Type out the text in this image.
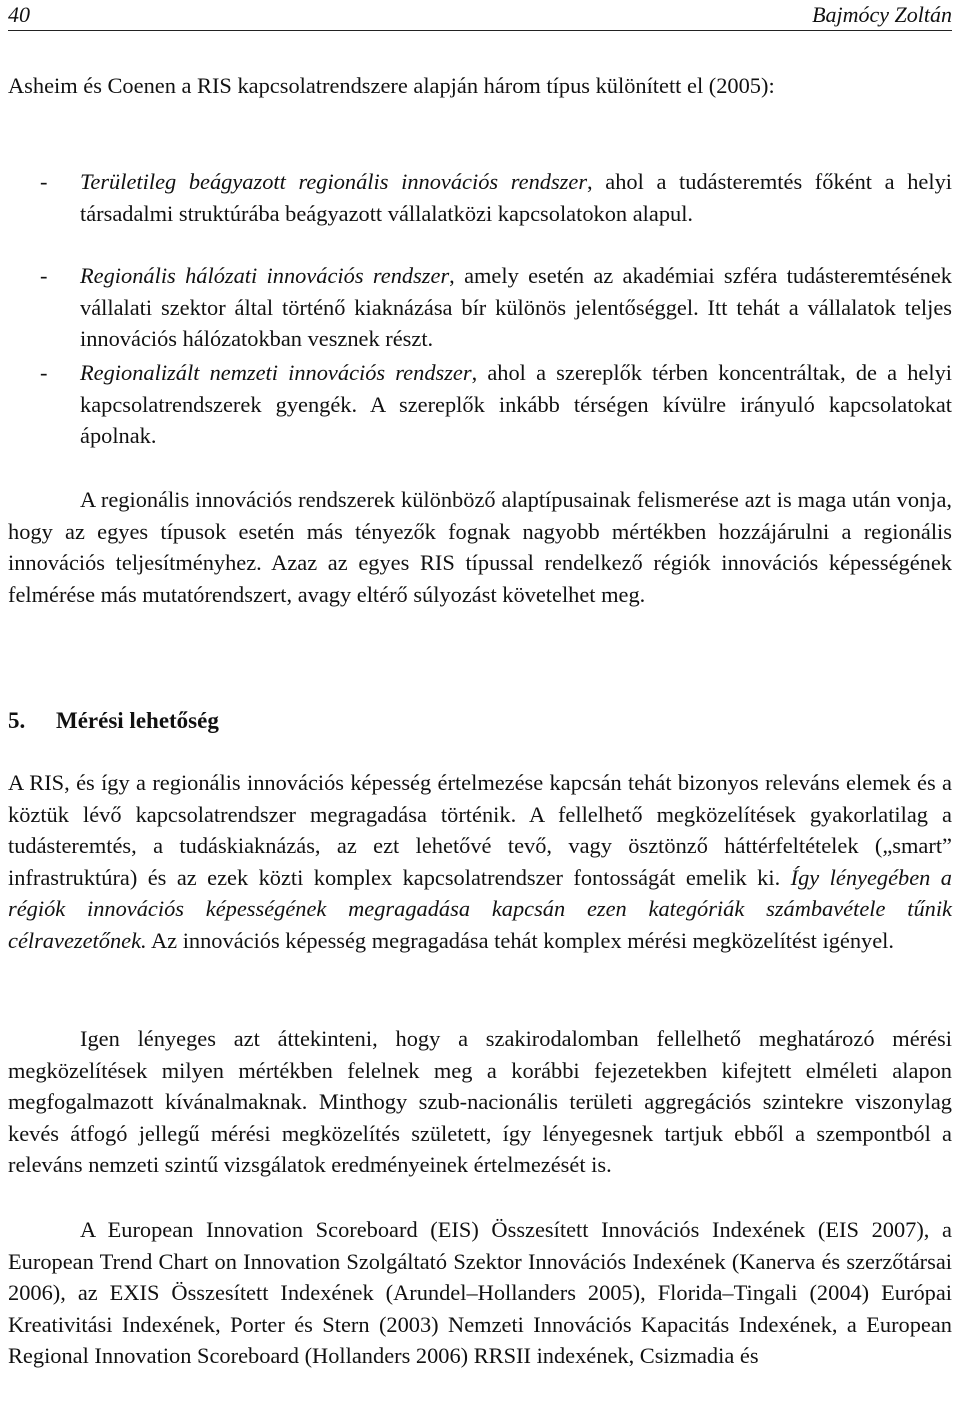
40	Bajmócy Zoltán

Asheim és Coenen a RIS kapcsolatrendszere alapján három típus különített el (2005):

- Területileg beágyazott regionális innovációs rendszer, ahol a tudásteremtés főként a helyi társadalmi struktúrába beágyazott vállalatközi kapcsolatokon alapul.

- Regionális hálózati innovációs rendszer, amely esetén az akadémiai szféra tudásteremtésének vállalati szektor által történő kiaknázása bír különös jelentőséggel. Itt tehát a vállalatok teljes innovációs hálózatokban vesznek részt.

- Regionalizált nemzeti innovációs rendszer, ahol a szereplők térben koncentráltak, de a helyi kapcsolatrendszerek gyengék. A szereplők inkább térségen kívülre irányuló kapcsolatokat ápolnak.

A regionális innovációs rendszerek különböző alaptípusainak felismerése azt is maga után vonja, hogy az egyes típusok esetén más tényezők fognak nagyobb mértékben hozzájárulni a regionális innovációs teljesítményhez. Azaz az egyes RIS típussal rendelkező régiók innovációs képességének felmérése más mutatórendszert, avagy eltérő súlyozást követelhet meg.

5. Mérési lehetőség

A RIS, és így a regionális innovációs képesség értelmezése kapcsán tehát bizonyos releváns elemek és a köztük lévő kapcsolatrendszer megragadása történik. A fellelhető megközelítések gyakorlatilag a tudásteremtés, a tudáskiaknázás, az ezt lehetővé tevő, vagy ösztönző háttérfeltételek („smart” infrastruktúra) és az ezek közti komplex kapcsolatrendszer fontosságát emelik ki. Így lényegében a régiók innovációs képességének megragadása kapcsán ezen kategóriák számbavétele tűnik célravezetőnek. Az innovációs képesség megragadása tehát komplex mérési megközelítést igényel.

Igen lényeges azt áttekinteni, hogy a szakirodalomban fellelhető meghatározó mérési megközelítések milyen mértékben felelnek meg a korábbi fejezetekben kifejtett elméleti alapon megfogalmazott kívánalmaknak. Minthogy szub-nacionális területi aggregációs szintekre viszonylag kevés átfogó jellegű mérési megközelítés született, így lényegesnek tartjuk ebből a szempontból a releváns nemzeti szintű vizsgálatok eredményeinek értelmezését is.

A European Innovation Scoreboard (EIS) Összesített Innovációs Indexének (EIS 2007), a European Trend Chart on Innovation Szolgáltató Szektor Innovációs Indexének (Kanerva és szerzőtársai 2006), az EXIS Összesített Indexének (Arundel–Hollanders 2005), Florida–Tingali (2004) Európai Kreativitási Indexének, Porter és Stern (2003) Nemzeti Innovációs Kapacitás Indexének, a European Regional Innovation Scoreboard (Hollanders 2006) RRSII indexének, Csizmadia és
